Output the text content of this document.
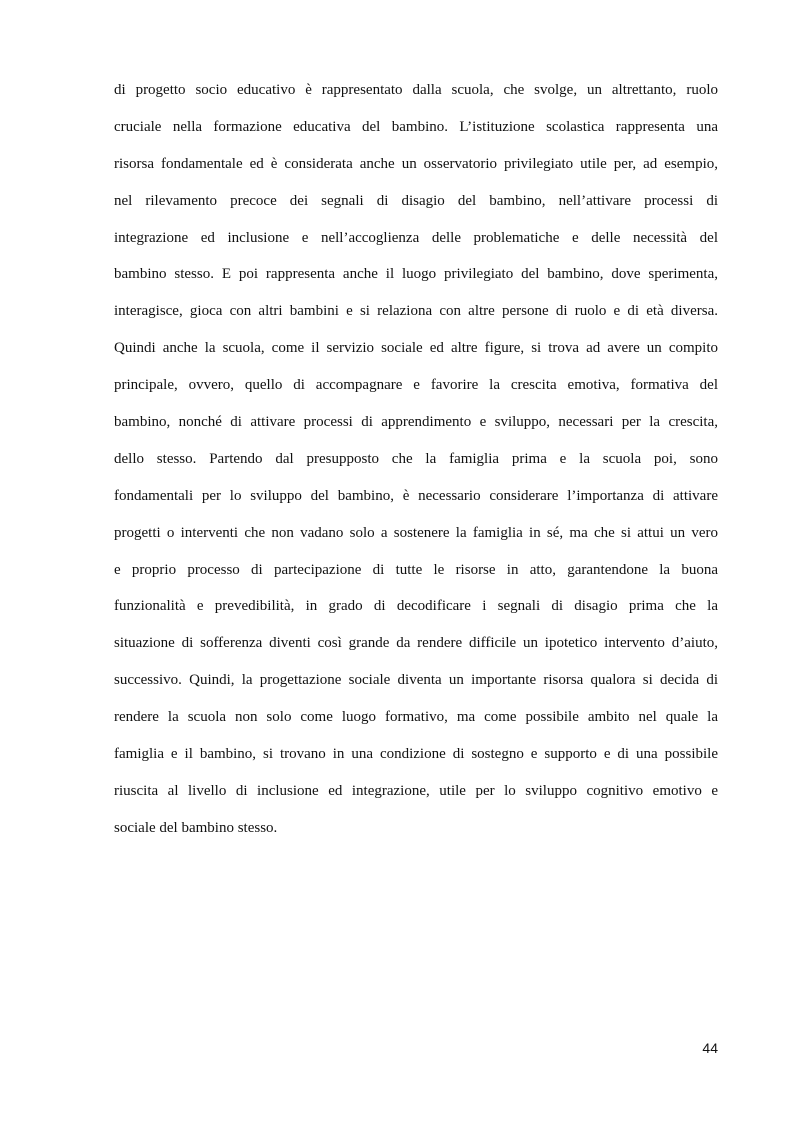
di progetto socio educativo è rappresentato dalla scuola, che svolge, un altrettanto, ruolo
cruciale nella formazione educativa del bambino. L’istituzione scolastica rappresenta una
risorsa fondamentale ed è considerata anche un osservatorio privilegiato utile per, ad esempio,
nel rilevamento precoce dei segnali di disagio del bambino, nell’attivare processi di
integrazione ed inclusione e nell’accoglienza delle problematiche e delle necessità del
bambino stesso. E poi rappresenta anche il luogo privilegiato del bambino, dove sperimenta,
interagisce, gioca con altri bambini e si relaziona con altre persone di ruolo e di età diversa.
Quindi anche la scuola, come il servizio sociale ed altre figure, si trova ad avere un compito
principale, ovvero, quello di accompagnare e favorire la crescita emotiva, formativa del
bambino, nonché di attivare processi di apprendimento e sviluppo, necessari per la crescita,
dello stesso. Partendo dal presupposto che la famiglia prima e la scuola poi, sono
fondamentali per lo sviluppo del bambino, è necessario considerare l’importanza di attivare
progetti o interventi che non vadano solo a sostenere la famiglia in sé, ma che si attui un vero
e proprio processo di partecipazione di tutte le risorse in atto, garantendone la buona
funzionalità e prevedibilità, in grado di decodificare i segnali di disagio prima che la
situazione di sofferenza diventi così grande da rendere difficile un ipotetico intervento d’aiuto,
successivo. Quindi, la progettazione sociale diventa un importante risorsa qualora si decida di
rendere la scuola non solo come luogo formativo, ma come possibile ambito nel quale la
famiglia e il bambino, si trovano in una condizione di sostegno e supporto e di una possibile
riuscita al livello di inclusione ed integrazione, utile per lo sviluppo cognitivo emotivo e
sociale del bambino stesso.

44
